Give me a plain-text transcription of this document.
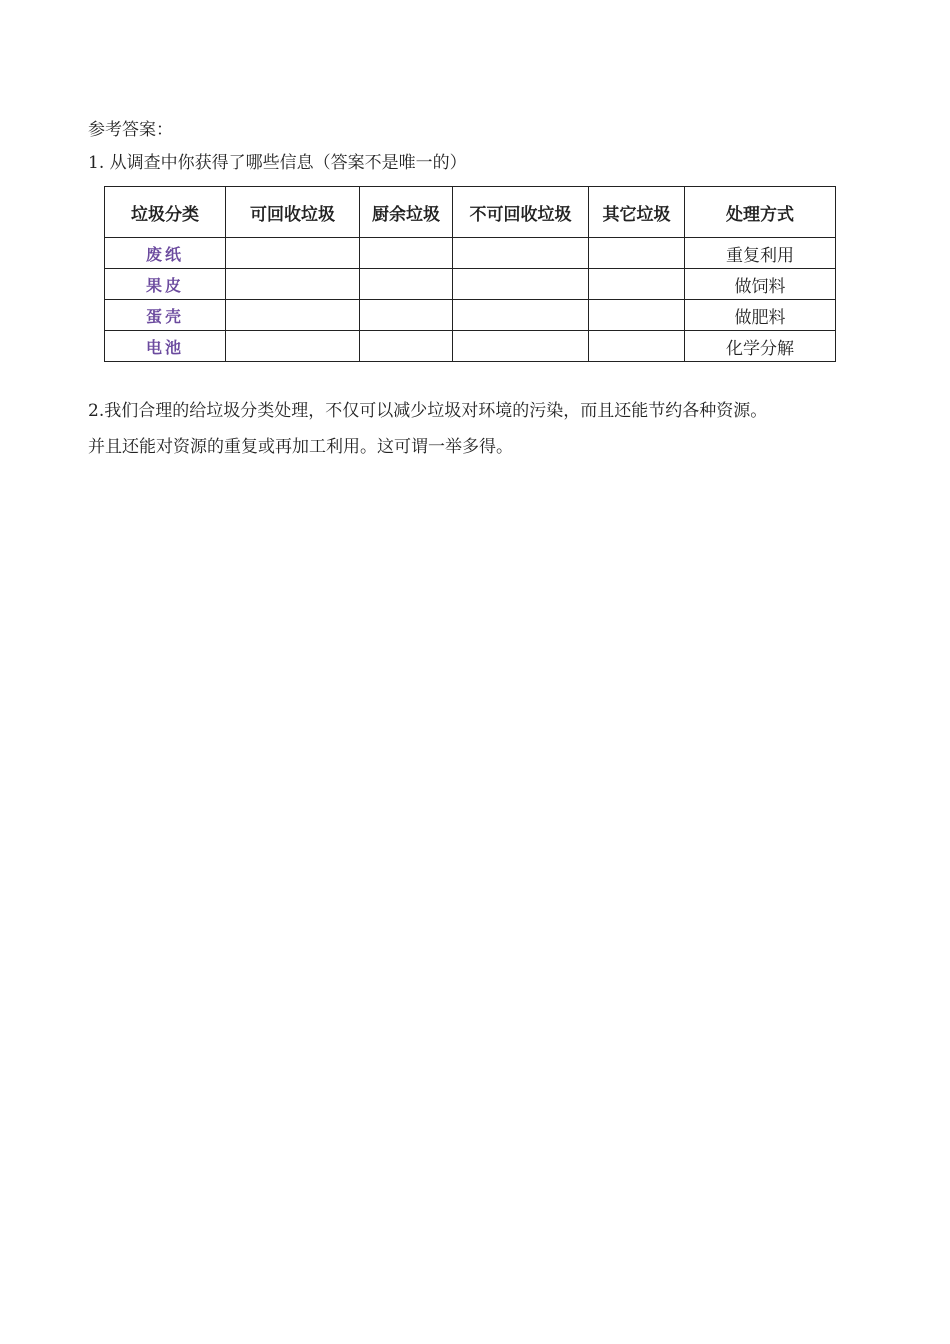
参考答案：
1. 从调查中你获得了哪些信息（答案不是唯一的）
垃圾分类	可回收垃圾	厨余垃圾	不可回收垃圾	其它垃圾	处理方式
废纸					重复利用
果皮					做饲料
蛋壳					做肥料
电池					化学分解
2.我们合理的给垃圾分类处理，不仅可以减少垃圾对环境的污染，而且还能节约各种资源。
并且还能对资源的重复或再加工利用。这可谓一举多得。
